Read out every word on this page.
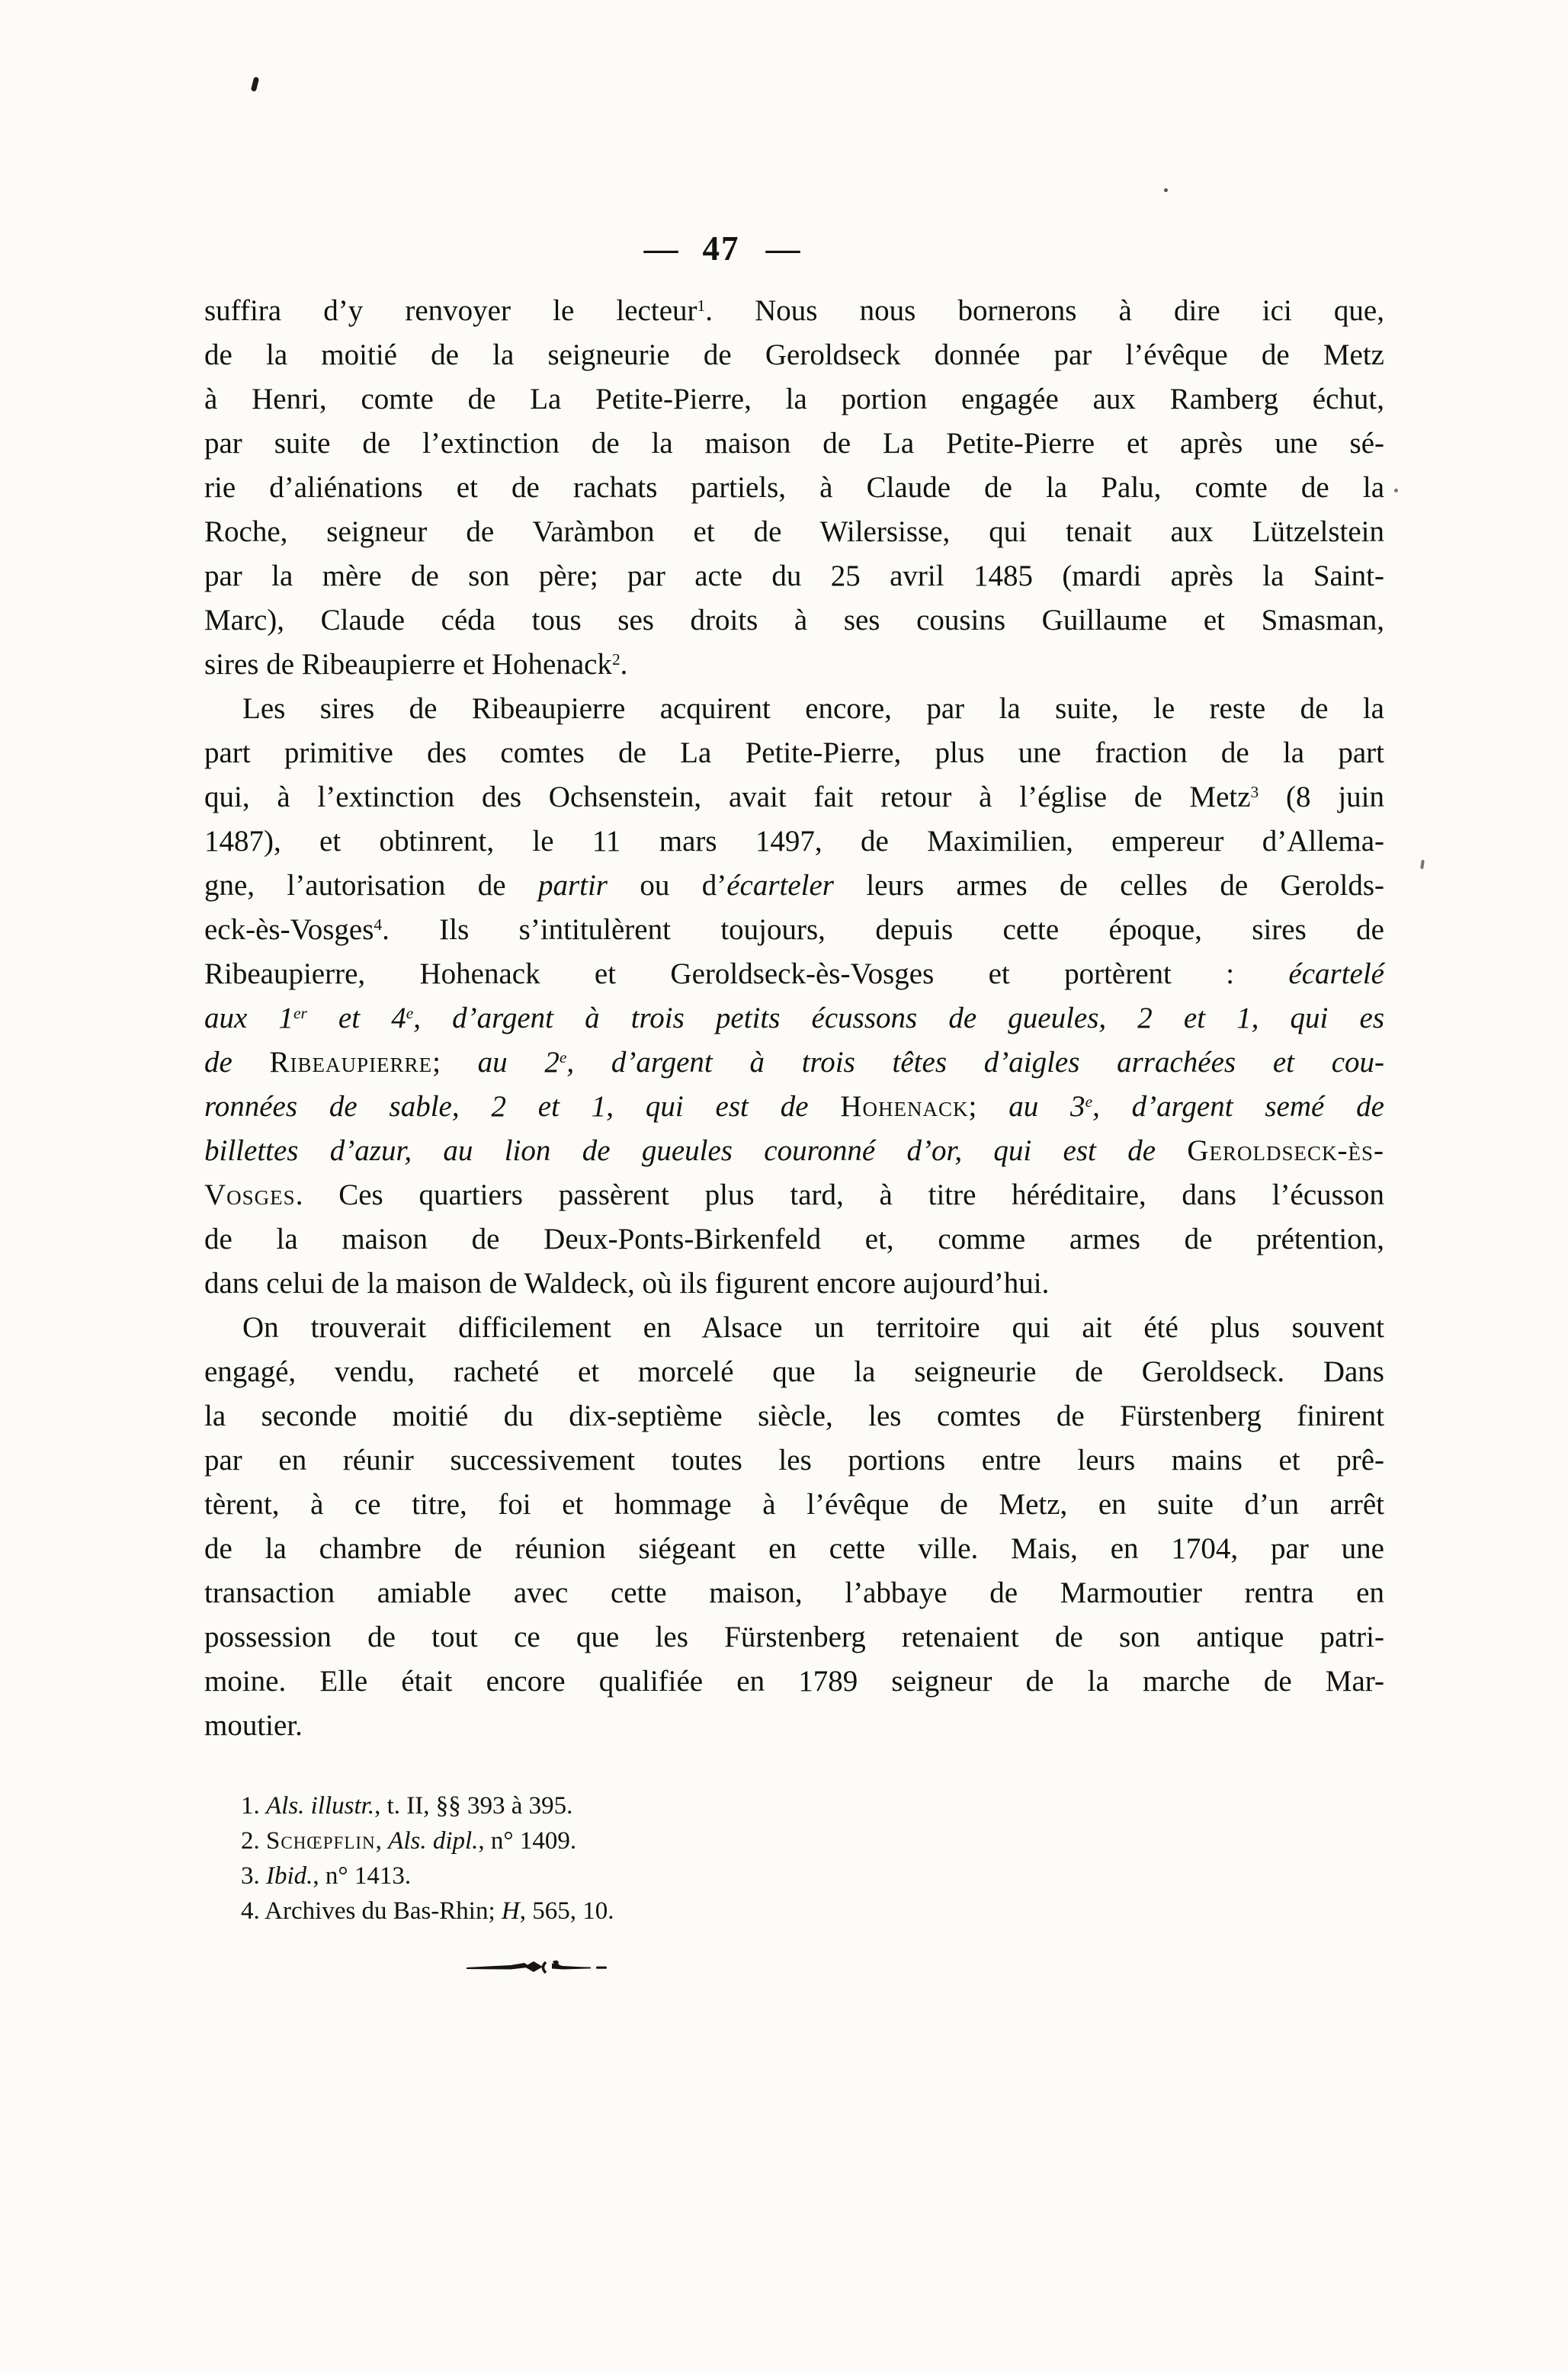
— 47 —
suffira d’y renvoyer le lecteur$^1$. Nous nous bornerons à dire ici que,
de la moitié de la seigneurie de Geroldseck donnée par l’évêque de Metz
à Henri, comte de La Petite-Pierre, la portion engagée aux Ramberg échut,
par suite de l’extinction de la maison de La Petite-Pierre et après une sé-
rie d’aliénations et de rachats partiels, à Claude de la Palu, comte de la
Roche, seigneur de Varàmbon et de Wilersisse, qui tenait aux Lützelstein
par la mère de son père; par acte du 25 avril 1485 (mardi après la Saint-
Marc), Claude céda tous ses droits à ses cousins Guillaume et Smasman,
sires de Ribeaupierre et Hohenack$^2$.
Les sires de Ribeaupierre acquirent encore, par la suite, le reste de la
part primitive des comtes de La Petite-Pierre, plus une fraction de la part
qui, à l’extinction des Ochsenstein, avait fait retour à l’église de Metz$^3$ (8 juin
1487), et obtinrent, le 11 mars 1497, de Maximilien, empereur d’Allema-
gne, l’autorisation de partir ou d’écarteler leurs armes de celles de Gerolds-
eck-ès-Vosges$^4$. Ils s’intitulèrent toujours, depuis cette époque, sires de
Ribeaupierre, Hohenack et Geroldseck-ès-Vosges et portèrent : écartelé
aux 1er et 4e, d’argent à trois petits écussons de gueules, 2 et 1, qui es
de Ribeaupierre; au 2e, d’argent à trois têtes d’aigles arrachées et cou-
ronnées de sable, 2 et 1, qui est de Hohenack; au 3e, d’argent semé de
billettes d’azur, au lion de gueules couronné d’or, qui est de Geroldseck-ès-
Vosges. Ces quartiers passèrent plus tard, à titre héréditaire, dans l’écusson
de la maison de Deux-Ponts-Birkenfeld et, comme armes de prétention,
dans celui de la maison de Waldeck, où ils figurent encore aujourd’hui.
On trouverait difficilement en Alsace un territoire qui ait été plus souvent
engagé, vendu, racheté et morcelé que la seigneurie de Geroldseck. Dans
la seconde moitié du dix-septième siècle, les comtes de Fürstenberg finirent
par en réunir successivement toutes les portions entre leurs mains et prê-
tèrent, à ce titre, foi et hommage à l’évêque de Metz, en suite d’un arrêt
de la chambre de réunion siégeant en cette ville. Mais, en 1704, par une
transaction amiable avec cette maison, l’abbaye de Marmoutier rentra en
possession de tout ce que les Fürstenberg retenaient de son antique patri-
moine. Elle était encore qualifiée en 1789 seigneur de la marche de Mar-
moutier.
1. Als. illustr., t. II, §§ 393 à 395.
2. Schœpflin, Als. dipl., n° 1409.
3. Ibid., n° 1413.
4. Archives du Bas-Rhin; H, 565, 10.
